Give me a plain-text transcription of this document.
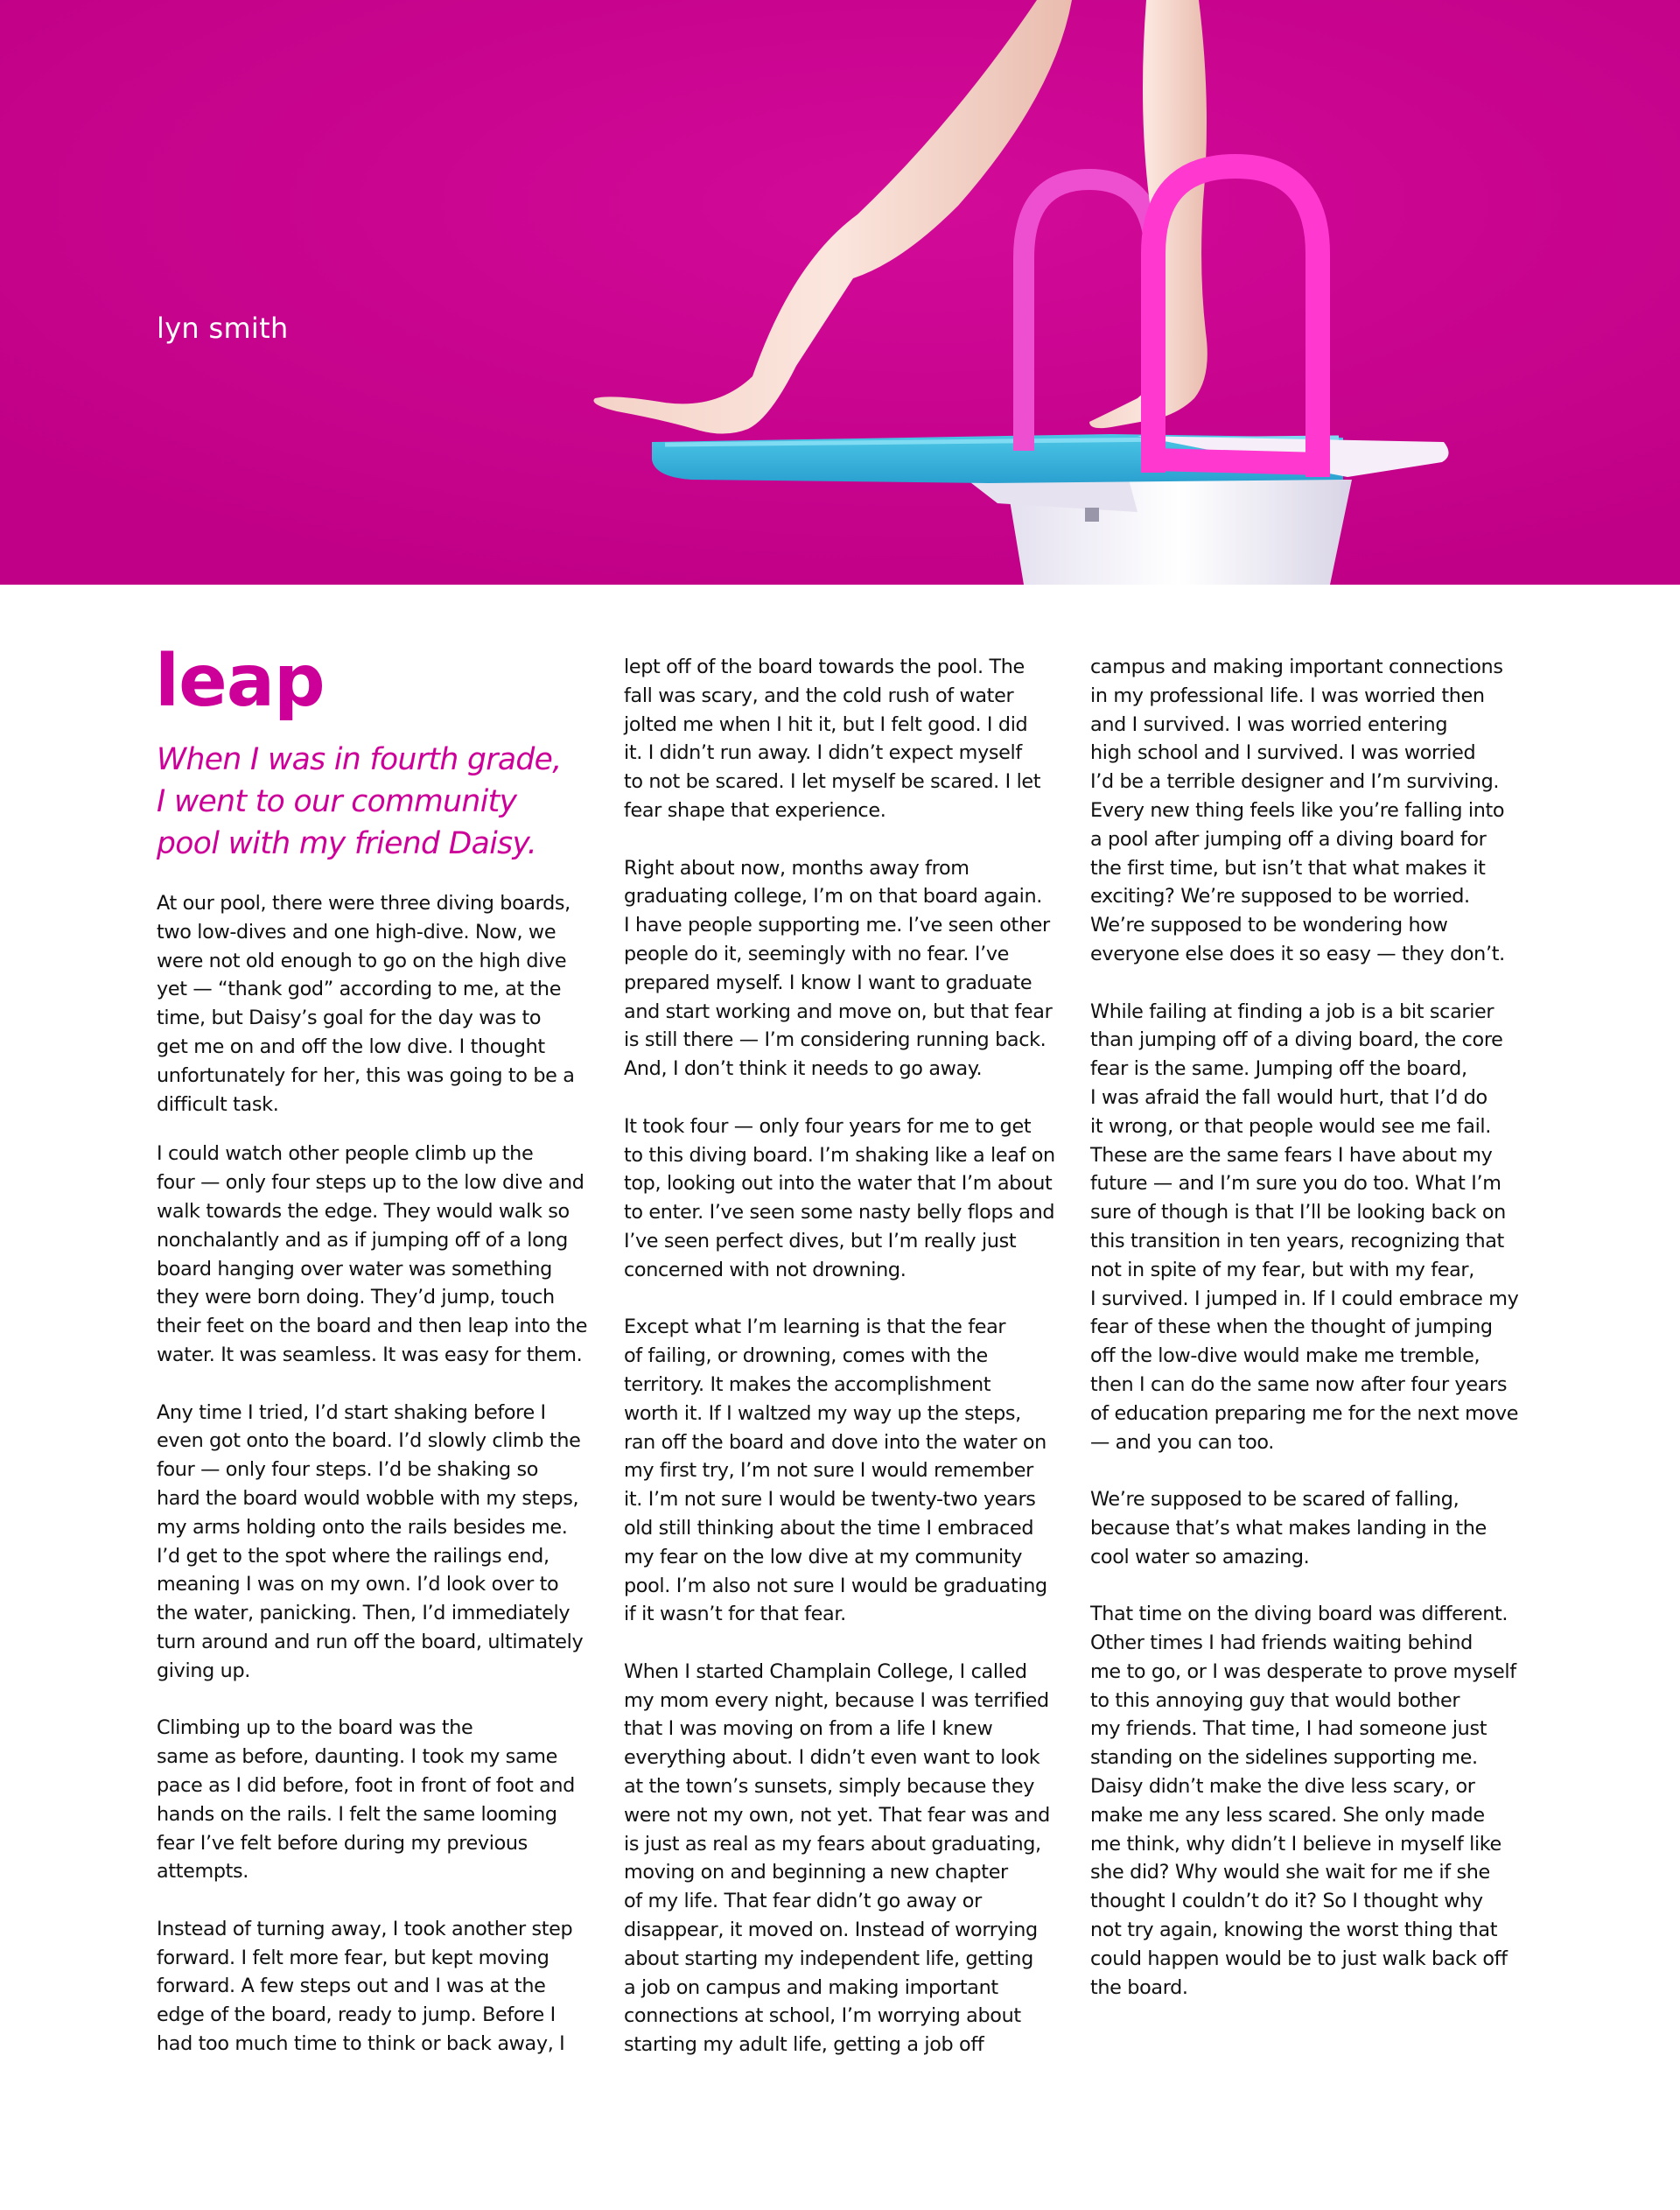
lyn smith
leap

When I was in fourth grade,
I went to our community
pool with my friend Daisy.

At our pool, there were three diving boards,

two low-dives and one high-dive. Now, we

were not old enough to go on the high dive

yet — “thank god” according to me, at the

time, but Daisy’s goal for the day was to

get me on and off the low dive. I thought

unfortunately for her, this was going to be a

difficult task.

I could watch other people climb up the

four — only four steps up to the low dive and

walk towards the edge. They would walk so

nonchalantly and as if jumping off of a long

board hanging over water was something

they were born doing. They’d jump, touch

their feet on the board and then leap into the

water. It was seamless. It was easy for them.

Any time I tried, I’d start shaking before I

even got onto the board. I’d slowly climb the

four — only four steps. I’d be shaking so

hard the board would wobble with my steps,

my arms holding onto the rails besides me.

I’d get to the spot where the railings end,

meaning I was on my own. I’d look over to

the water, panicking. Then, I’d immediately

turn around and run off the board, ultimately

giving up.

Climbing up to the board was the

same as before, daunting. I took my same

pace as I did before, foot in front of foot and

hands on the rails. I felt the same looming

fear I’ve felt before during my previous

attempts.

Instead of turning away, I took another step

forward. I felt more fear, but kept moving

forward. A few steps out and I was at the

edge of the board, ready to jump. Before I

had too much time to think or back away, I

lept off of the board towards the pool. The

fall was scary, and the cold rush of water

jolted me when I hit it, but I felt good. I did

it. I didn’t run away. I didn’t expect myself

to not be scared. I let myself be scared. I let

fear shape that experience.

Right about now, months away from

graduating college, I’m on that board again.

I have people supporting me. I’ve seen other

people do it, seemingly with no fear. I’ve

prepared myself. I know I want to graduate

and start working and move on, but that fear

is still there — I’m considering running back.

And, I don’t think it needs to go away.

It took four — only four years for me to get

to this diving board. I’m shaking like a leaf on

top, looking out into the water that I’m about

to enter. I’ve seen some nasty belly flops and

I’ve seen perfect dives, but I’m really just

concerned with not drowning.

Except what I’m learning is that the fear

of failing, or drowning, comes with the

territory. It makes the accomplishment

worth it. If I waltzed my way up the steps,

ran off the board and dove into the water on

my first try, I’m not sure I would remember

it. I’m not sure I would be twenty-two years

old still thinking about the time I embraced

my fear on the low dive at my community

pool. I’m also not sure I would be graduating

if it wasn’t for that fear.

When I started Champlain College, I called

my mom every night, because I was terrified

that I was moving on from a life I knew

everything about. I didn’t even want to look

at the town’s sunsets, simply because they

were not my own, not yet. That fear was and

is just as real as my fears about graduating,

moving on and beginning a new chapter

of my life. That fear didn’t go away or

disappear, it moved on. Instead of worrying

about starting my independent life, getting

a job on campus and making important

connections at school, I’m worrying about

starting my adult life, getting a job off

campus and making important connections

in my professional life. I was worried then

and I survived. I was worried entering

high school and I survived. I was worried

I’d be a terrible designer and I’m surviving.

Every new thing feels like you’re falling into

a pool after jumping off a diving board for

the first time, but isn’t that what makes it

exciting? We’re supposed to be worried.

We’re supposed to be wondering how

everyone else does it so easy — they don’t.

While failing at finding a job is a bit scarier

than jumping off of a diving board, the core

fear is the same. Jumping off the board,

I was afraid the fall would hurt, that I’d do

it wrong, or that people would see me fail.

These are the same fears I have about my

future — and I’m sure you do too. What I’m

sure of though is that I’ll be looking back on

this transition in ten years, recognizing that

not in spite of my fear, but with my fear,

I survived. I jumped in. If I could embrace my

fear of these when the thought of jumping

off the low-dive would make me tremble,

then I can do the same now after four years

of education preparing me for the next move

— and you can too.

We’re supposed to be scared of falling,

because that’s what makes landing in the

cool water so amazing.

That time on the diving board was different.

Other times I had friends waiting behind

me to go, or I was desperate to prove myself

to this annoying guy that would bother

my friends. That time, I had someone just

standing on the sidelines supporting me.

Daisy didn’t make the dive less scary, or

make me any less scared. She only made

me think, why didn’t I believe in myself like

she did? Why would she wait for me if she

thought I couldn’t do it? So I thought why

not try again, knowing the worst thing that

could happen would be to just walk back off

the board.
